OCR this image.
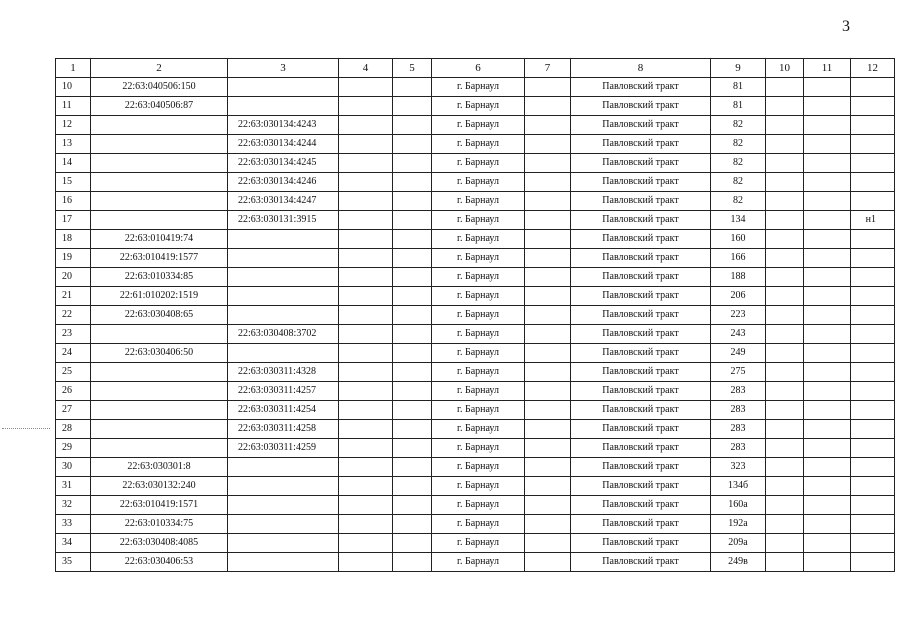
3
1	2	3	4	5	6	7	8	9	10	11	12
10	22:63:040506:150				г. Барнаул		Павловский тракт	81			
11	22:63:040506:87				г. Барнаул		Павловский тракт	81			
12		22:63:030134:4243			г. Барнаул		Павловский тракт	82			
13		22:63:030134:4244			г. Барнаул		Павловский тракт	82			
14		22:63:030134:4245			г. Барнаул		Павловский тракт	82			
15		22:63:030134:4246			г. Барнаул		Павловский тракт	82			
16		22:63:030134:4247			г. Барнаул		Павловский тракт	82			
17		22:63:030131:3915			г. Барнаул		Павловский тракт	134			н1
18	22:63:010419:74				г. Барнаул		Павловский тракт	160			
19	22:63:010419:1577				г. Барнаул		Павловский тракт	166			
20	22:63:010334:85				г. Барнаул		Павловский тракт	188			
21	22:61:010202:1519				г. Барнаул		Павловский тракт	206			
22	22:63:030408:65				г. Барнаул		Павловский тракт	223			
23		22:63:030408:3702			г. Барнаул		Павловский тракт	243			
24	22:63:030406:50				г. Барнаул		Павловский тракт	249			
25		22:63:030311:4328			г. Барнаул		Павловский тракт	275			
26		22:63:030311:4257			г. Барнаул		Павловский тракт	283			
27		22:63:030311:4254			г. Барнаул		Павловский тракт	283			
28		22:63:030311:4258			г. Барнаул		Павловский тракт	283			
29		22:63:030311:4259			г. Барнаул		Павловский тракт	283			
30	22:63:030301:8				г. Барнаул		Павловский тракт	323			
31	22:63:030132:240				г. Барнаул		Павловский тракт	134б			
32	22:63:010419:1571				г. Барнаул		Павловский тракт	160а			
33	22:63:010334:75				г. Барнаул		Павловский тракт	192а			
34	22:63:030408:4085				г. Барнаул		Павловский тракт	209а			
35	22:63:030406:53				г. Барнаул		Павловский тракт	249в			
